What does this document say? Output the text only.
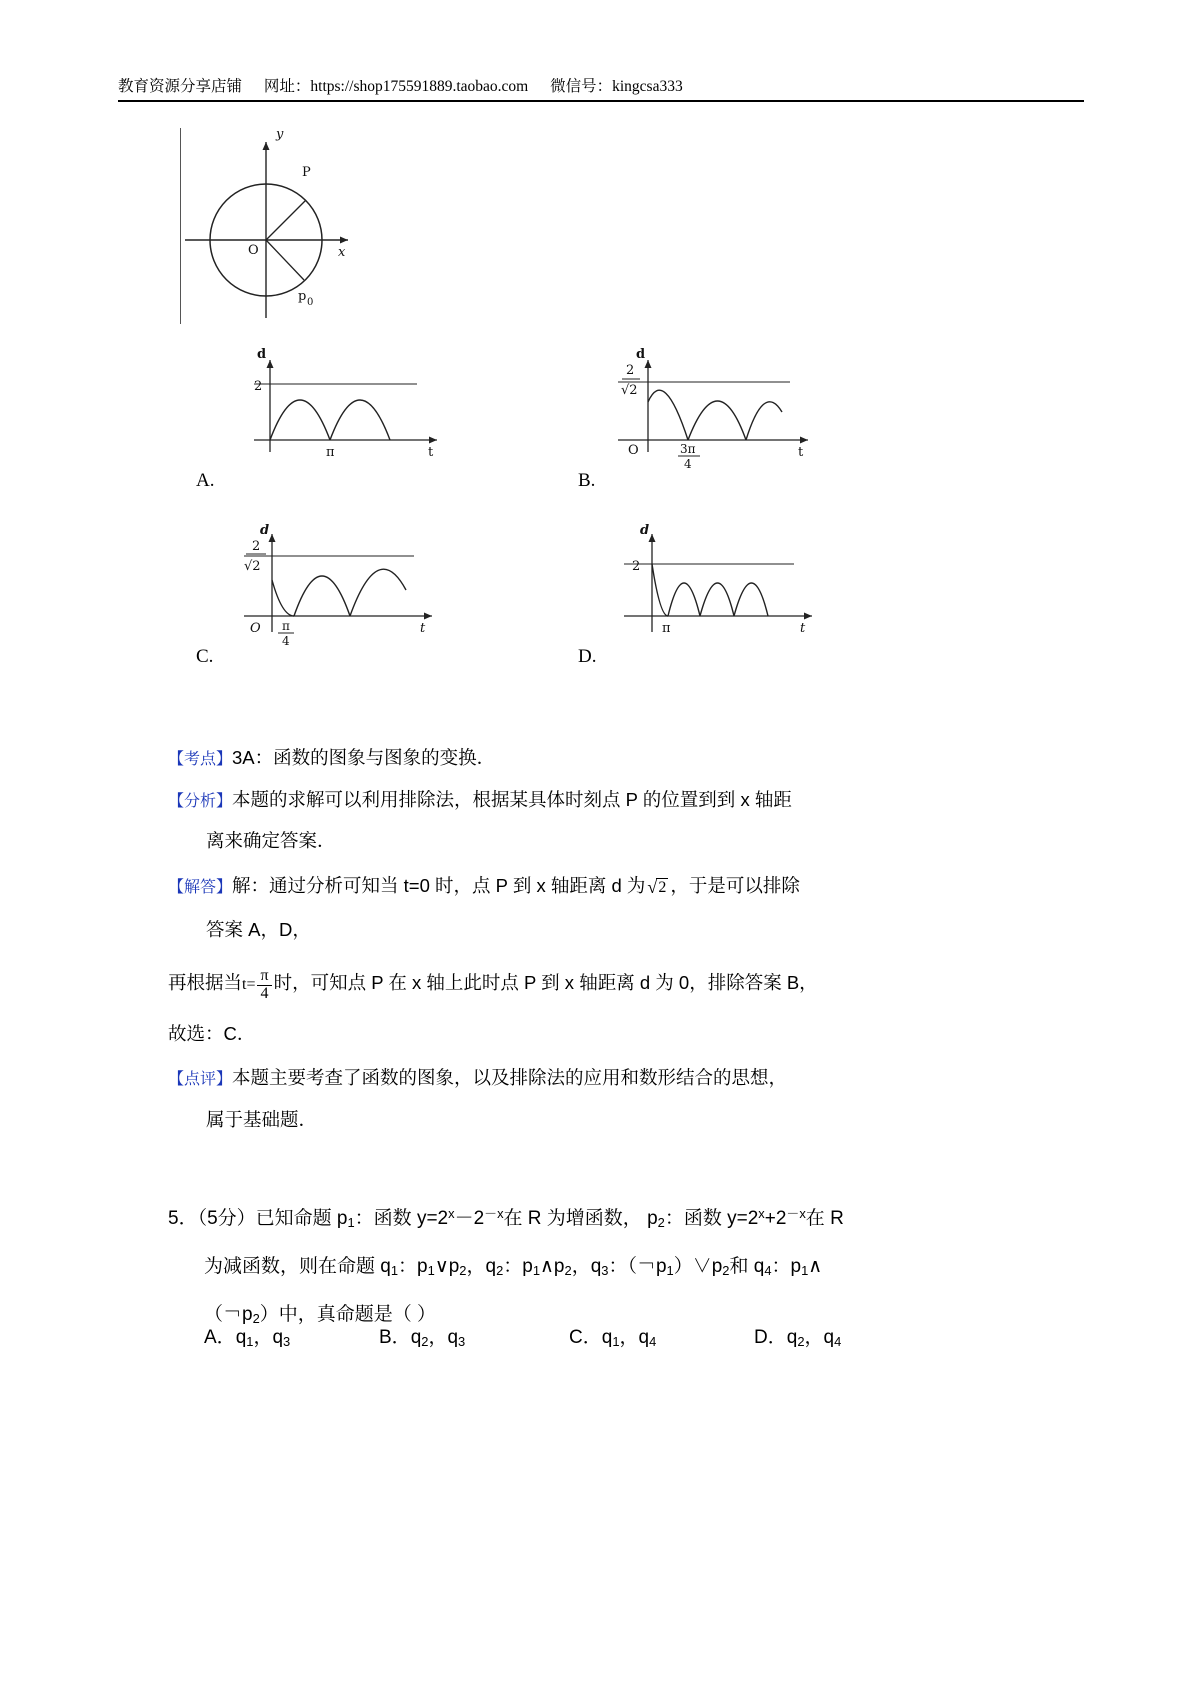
教育资源分享店铺 网址：https://shop175591889.taobao.com 微信号：kingcsa333
y
x
O
P
p 0
2
d
π	t
A.
2
√2
d
O	3π
4
t
B.
2
√2
d
O π
4
t
C.
2
d
π	t
D.
【考点】3A：函数的图象与图象的变换．
【分析】本题的求解可以利用排除法，根据某具体时刻点 P 的位置到到 x 轴距
离来确定答案．
【解答】解：通过分析可知当 t=0 时，点 P 到 x 轴距离 d 为 √ 2 ，于是可以排除
答案 A，D，
再根据当$t= \frac{\pi}{4}$ 时，可知点 P 在 x 轴上此时点 P 到 x 轴距离 d 为 0，排除答案 B，
故选：C．
【点评】本题主要考查了函数的图象，以及排除法的应用和数形结合的思想，
属于基础题．
5．（5分）已知命题 $p_1$：函数 $y=2^x-2^{-x}$在 R 为增函数， $p_2$：函数 $y=2^x+2^{-x}$在 R
为减函数，则在命题 $q_1$：$p_1\vee p_2$，$q_2$：$p_1\wedge p_2$，$q_3$：（￢$p_1)\vee p_2$和 $q_4$：$p_1\wedge$
（￢$p_2$）中，真命题是（ ）
A．$q_1$，$q_3$	B．$q_2$，$q_3$	C．$q_1$，$q_4$	D．$q_2$，$q_4$
